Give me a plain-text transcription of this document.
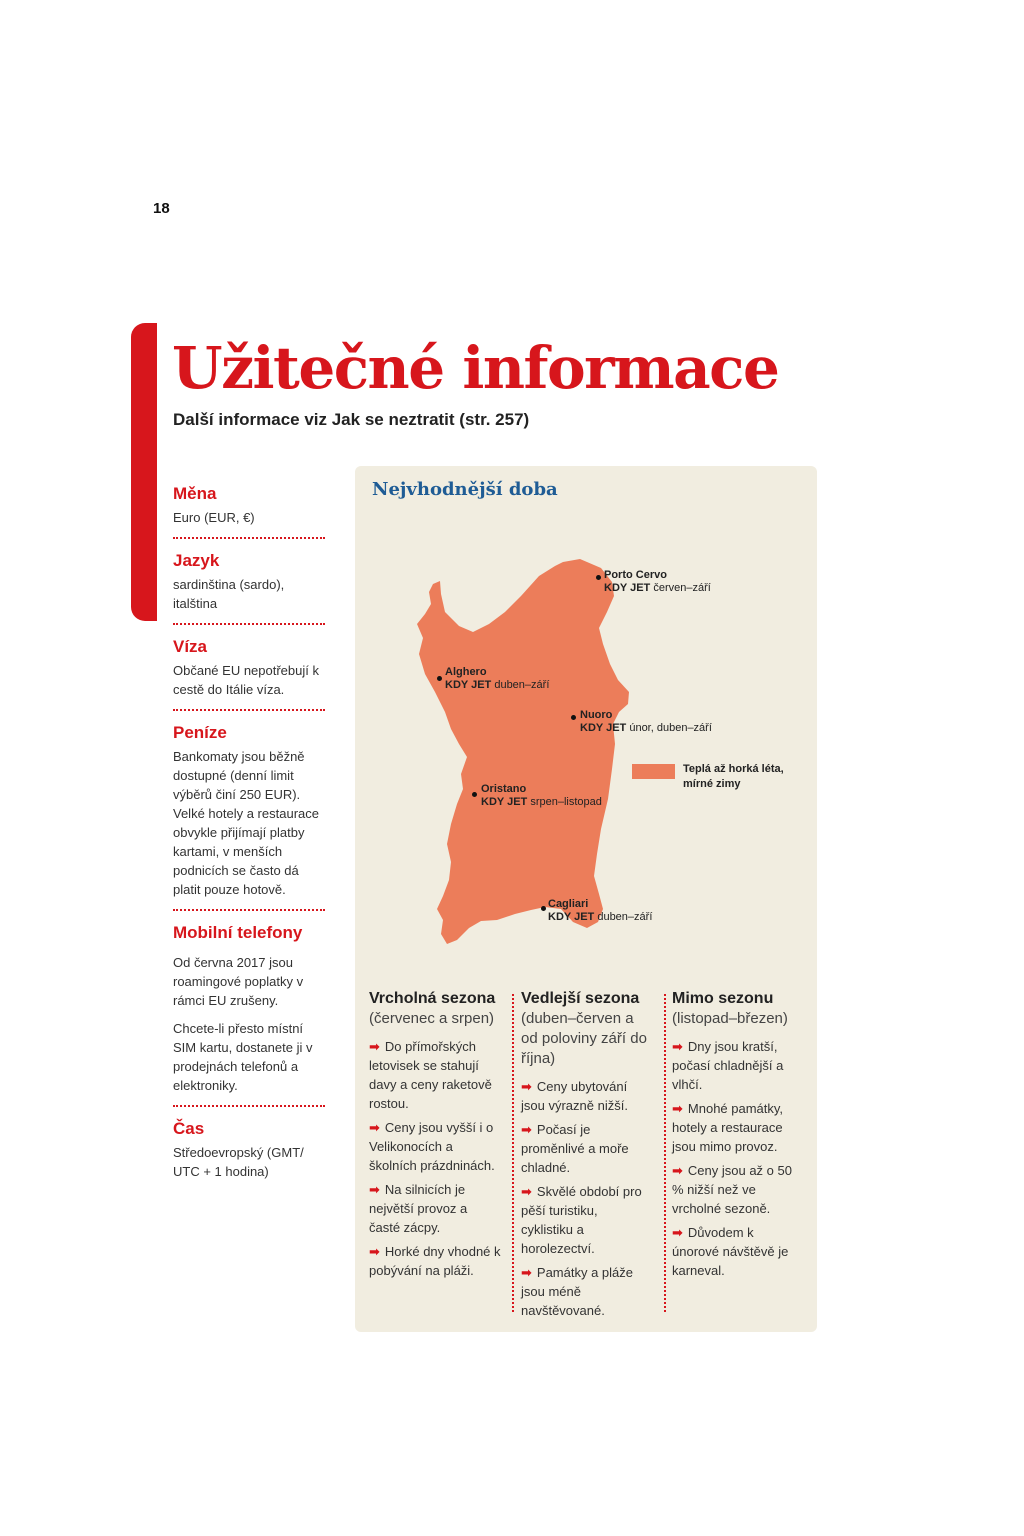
18
Užitečné informace
Další informace viz Jak se neztratit (str. 257)
Měna

Euro (EUR, €)

Jazyk

sardinština (sardo), italština

Víza

Občané EU nepotřebují k cestě do Itálie víza.

Peníze

Bankomaty jsou běžně dostupné (denní limit výběrů činí 250 EUR). Velké hotely a restaurace obvykle přijímají platby kartami, v menších podnicích se často dá platit pouze hotově.

Mobilní telefony

Od června 2017 jsou roamingové poplatky v rámci EU zrušeny.

Chcete-li přesto místní SIM kartu, dostanete ji v prodejnách telefonů a elektroniky.

Čas

Středoevropský (GMT/ UTC + 1 hodina)

Nejvhodnější doba
Porto Cervo
KDY JET červen–září
Alghero
KDY JET duben–září
Nuoro
KDY JET únor, duben–září
Oristano
KDY JET srpen–listopad
Cagliari
KDY JET duben–září
Teplá až horká léta, mírné zimy
Vrcholná sezona
(červenec a srpen)
➡ Do přímořských letovisek se stahují davy a ceny raketově rostou.
➡ Ceny jsou vyšší i o Velikonocích a školních prázdninách.
➡ Na silnicích je největší provoz a časté zácpy.
➡ Horké dny vhodné k pobývání na pláži.
Vedlejší sezona (duben–červen a od poloviny září do října)
➡ Ceny ubytování jsou výrazně nižší.
➡ Počasí je proměnlivé a moře chladné.
➡ Skvělé období pro pěší turistiku, cyklistiku a horolezectví.
➡ Památky a pláže jsou méně navštěvované.
Mimo sezonu
(listopad–březen)
➡ Dny jsou kratší, počasí chladnější a vlhčí.
➡ Mnohé památky, hotely a restaurace jsou mimo provoz.
➡ Ceny jsou až o 50 % nižší než ve vrcholné sezoně.
➡ Důvodem k únorové návštěvě je karneval.
